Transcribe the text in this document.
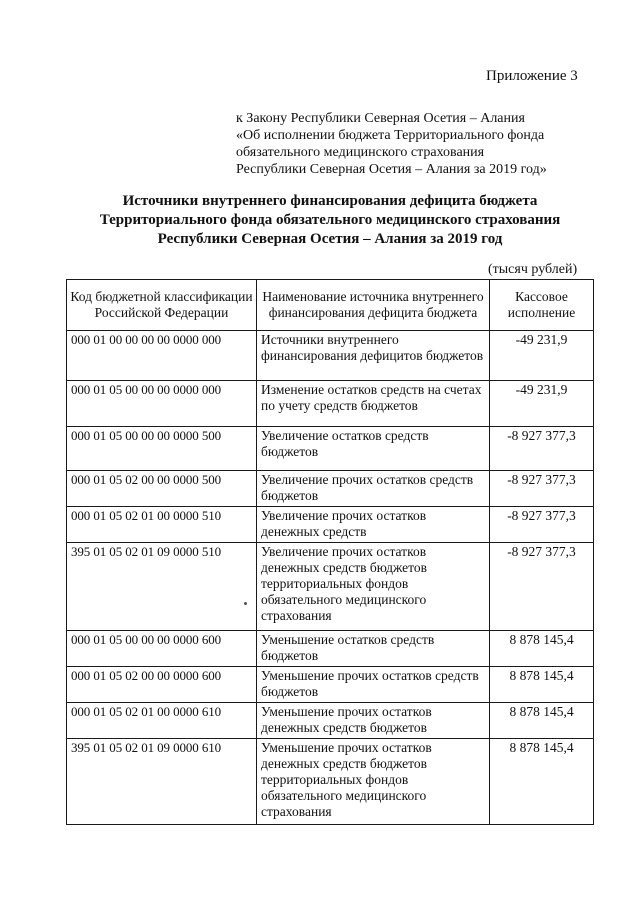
Приложение 3
к Закону Республики Северная Осетия – Алания
«Об исполнении бюджета Территориального фонда
обязательного медицинского страхования
Республики Северная Осетия – Алания за 2019 год»
Источники внутреннего финансирования дефицита бюджета
Территориального фонда обязательного медицинского страхования
Республики Северная Осетия – Алания за 2019 год
(тысяч рублей)
Код бюджетной классификации Российской Федерации	Наименование источника внутреннего финансирования дефицита бюджета	Кассовое исполнение
000 01 00 00 00 00 0000 000	Источники внутреннего финансирования дефицитов бюджетов	-49 231,9
000 01 05 00 00 00 0000 000	Изменение остатков средств на счетах по учету средств бюджетов	-49 231,9
000 01 05 00 00 00 0000 500	Увеличение остатков средств бюджетов	-8 927 377,3
000 01 05 02 00 00 0000 500	Увеличение прочих остатков средств бюджетов	-8 927 377,3
000 01 05 02 01 00 0000 510	Увеличение прочих остатков денежных средств	-8 927 377,3
395 01 05 02 01 09 0000 510	Увеличение прочих остатков денежных средств бюджетов территориальных фондов обязательного медицинского страхования	-8 927 377,3
000 01 05 00 00 00 0000 600	Уменьшение остатков средств бюджетов	8 878 145,4
000 01 05 02 00 00 0000 600	Уменьшение прочих остатков средств бюджетов	8 878 145,4
000 01 05 02 01 00 0000 610	Уменьшение прочих остатков денежных средств бюджетов	8 878 145,4
395 01 05 02 01 09 0000 610	Уменьшение прочих остатков денежных средств бюджетов территориальных фондов обязательного медицинского страхования	8 878 145,4
